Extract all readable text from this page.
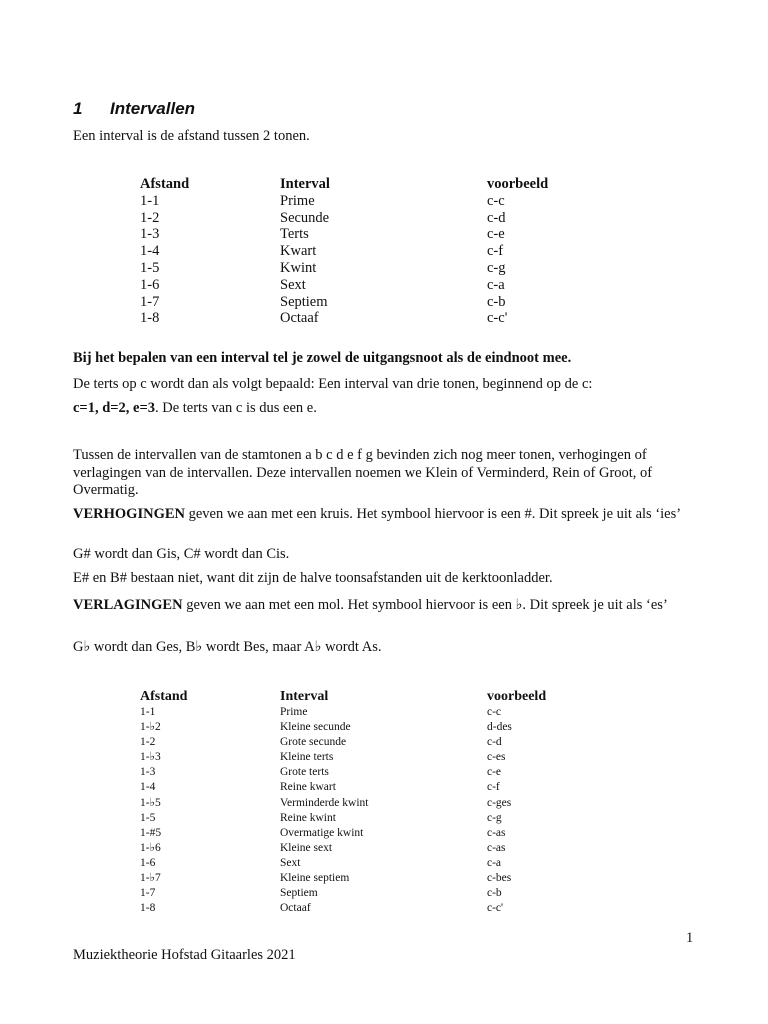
1 Intervallen
Een interval is de afstand tussen 2 tonen.
Afstand	Interval	voorbeeld
1-1	Prime	c-c
1-2	Secunde	c-d
1-3	Terts	c-e
1-4	Kwart	c-f
1-5	Kwint	c-g
1-6	Sext	c-a
1-7	Septiem	c-b
1-8	Octaaf	c-c'
Bij het bepalen van een interval tel je zowel de uitgangsnoot als de eindnoot mee.
De terts op c wordt dan als volgt bepaald: Een interval van drie tonen, beginnend op de c:
c=1, d=2, e=3. De terts van c is dus een e.
Tussen de intervallen van de stamtonen a b c d e f g bevinden zich nog meer tonen, verhogingen of verlagingen van de intervallen. Deze intervallen noemen we Klein of Verminderd, Rein of Groot, of Overmatig.
VERHOGINGEN geven we aan met een kruis. Het symbool hiervoor is een #. Dit spreek je uit als ‘ies’
G# wordt dan Gis, C# wordt dan Cis.
E# en B# bestaan niet, want dit zijn de halve toonsafstanden uit de kerktoonladder.
VERLAGINGEN geven we aan met een mol. Het symbool hiervoor is een ♭. Dit spreek je uit als ‘es’
G♭ wordt dan Ges, B♭ wordt Bes, maar A♭ wordt As.
Afstand	Interval	voorbeeld
1-1	Prime	c-c
1-♭2	Kleine secunde	d-des
1-2	Grote secunde	c-d
1-♭3	Kleine terts	c-es
1-3	Grote terts	c-e
1-4	Reine kwart	c-f
1-♭5	Verminderde kwint	c-ges
1-5	Reine kwint	c-g
1-#5	Overmatige kwint	c-as
1-♭6	Kleine sext	c-as
1-6	Sext	c-a
1-♭7	Kleine septiem	c-bes
1-7	Septiem	c-b
1-8	Octaaf	c-c'
1
Muziektheorie Hofstad Gitaarles 2021
